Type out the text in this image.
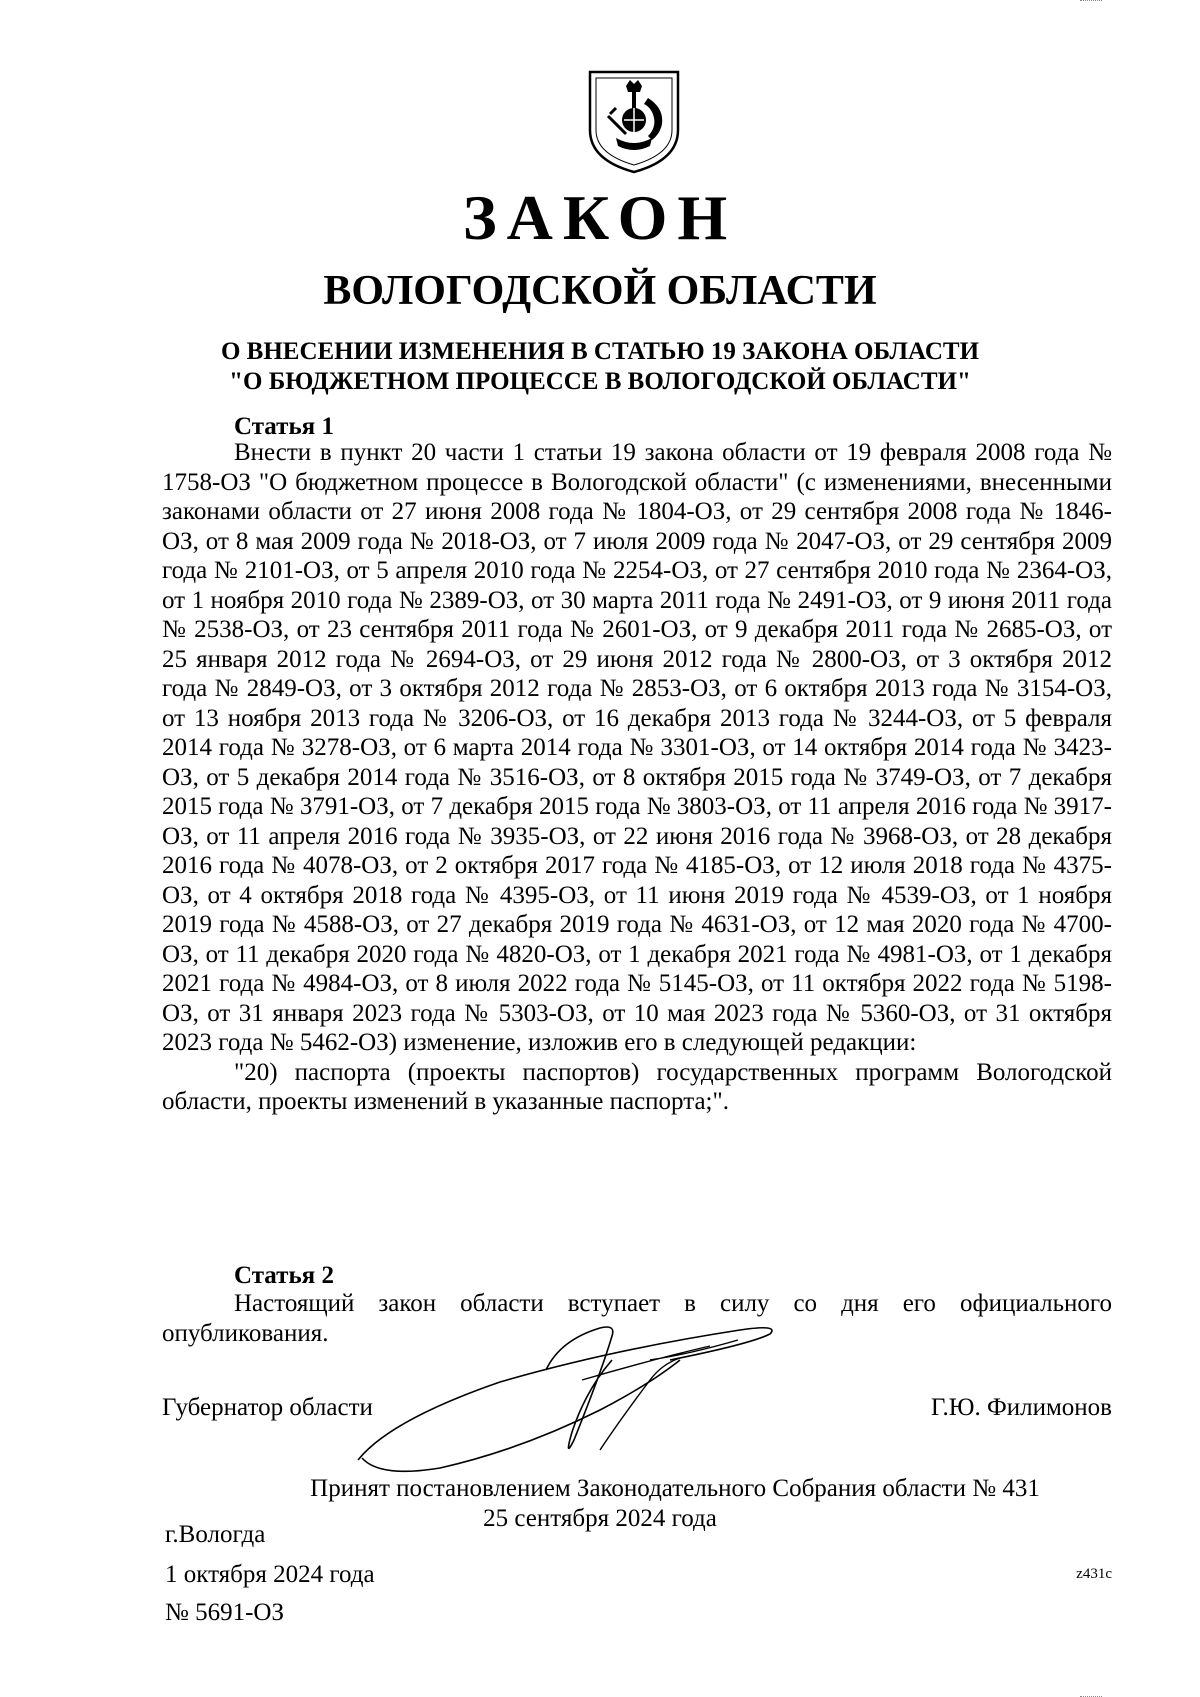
ЗАКОН
ВОЛОГОДСКОЙ ОБЛАСТИ
О ВНЕСЕНИИ ИЗМЕНЕНИЯ В СТАТЬЮ 19 ЗАКОНА ОБЛАСТИ
"О БЮДЖЕТНОМ ПРОЦЕССЕ В ВОЛОГОДСКОЙ ОБЛАСТИ"
Статья 1
Внести в пункт 20 части 1 статьи 19 закона области от 19 февраля 2008 года № 1758-ОЗ "О бюджетном процессе в Вологодской области" (с изменениями, внесенными законами области от 27 июня 2008 года № 1804-ОЗ, от 29 сентября 2008 года № 1846-ОЗ, от 8 мая 2009 года № 2018-ОЗ, от 7 июля 2009 года № 2047-ОЗ, от 29 сентября 2009 года № 2101-ОЗ, от 5 апреля 2010 года № 2254-ОЗ, от 27 сентября 2010 года № 2364-ОЗ, от 1 ноября 2010 года № 2389-ОЗ, от 30 марта 2011 года № 2491-ОЗ, от 9 июня 2011 года № 2538-ОЗ, от 23 сентября 2011 года № 2601-ОЗ, от 9 декабря 2011 года № 2685-ОЗ, от 25 января 2012 года № 2694-ОЗ, от 29 июня 2012 года № 2800-ОЗ, от 3 октября 2012 года № 2849-ОЗ, от 3 октября 2012 года № 2853-ОЗ, от 6 октября 2013 года № 3154-ОЗ, от 13 ноября 2013 года № 3206-ОЗ, от 16 декабря 2013 года № 3244-ОЗ, от 5 февраля 2014 года № 3278-ОЗ, от 6 марта 2014 года № 3301-ОЗ, от 14 октября 2014 года № 3423-ОЗ, от 5 декабря 2014 года № 3516-ОЗ, от 8 октября 2015 года № 3749-ОЗ, от 7 декабря 2015 года № 3791-ОЗ, от 7 декабря 2015 года № 3803-ОЗ, от 11 апреля 2016 года № 3917-ОЗ, от 11 апреля 2016 года № 3935-ОЗ, от 22 июня 2016 года № 3968-ОЗ, от 28 декабря 2016 года № 4078-ОЗ, от 2 октября 2017 года № 4185-ОЗ, от 12 июля 2018 года № 4375-ОЗ, от 4 октября 2018 года № 4395-ОЗ, от 11 июня 2019 года № 4539-ОЗ, от 1 ноября 2019 года № 4588-ОЗ, от 27 декабря 2019 года № 4631-ОЗ, от 12 мая 2020 года № 4700-ОЗ, от 11 декабря 2020 года № 4820-ОЗ, от 1 декабря 2021 года № 4981-ОЗ, от 1 декабря 2021 года № 4984-ОЗ, от 8 июля 2022 года № 5145-ОЗ, от 11 октября 2022 года № 5198-ОЗ, от 31 января 2023 года № 5303-ОЗ, от 10 мая 2023 года № 5360-ОЗ, от 31 октября 2023 года № 5462-ОЗ) изменение, изложив его в следующей редакции:
"20) паспорта (проекты паспортов) государственных программ Вологодской области, проекты изменений в указанные паспорта;".
Статья 2
Настоящий закон области вступает в силу со дня его официального опубликования.
Губернатор области	Г.Ю. Филимонов
Принят постановлением Законодательного Собрания области № 431
25 сентября 2024 года
г.Вологда
1 октября 2024 года
№ 5691-ОЗ
z431c
